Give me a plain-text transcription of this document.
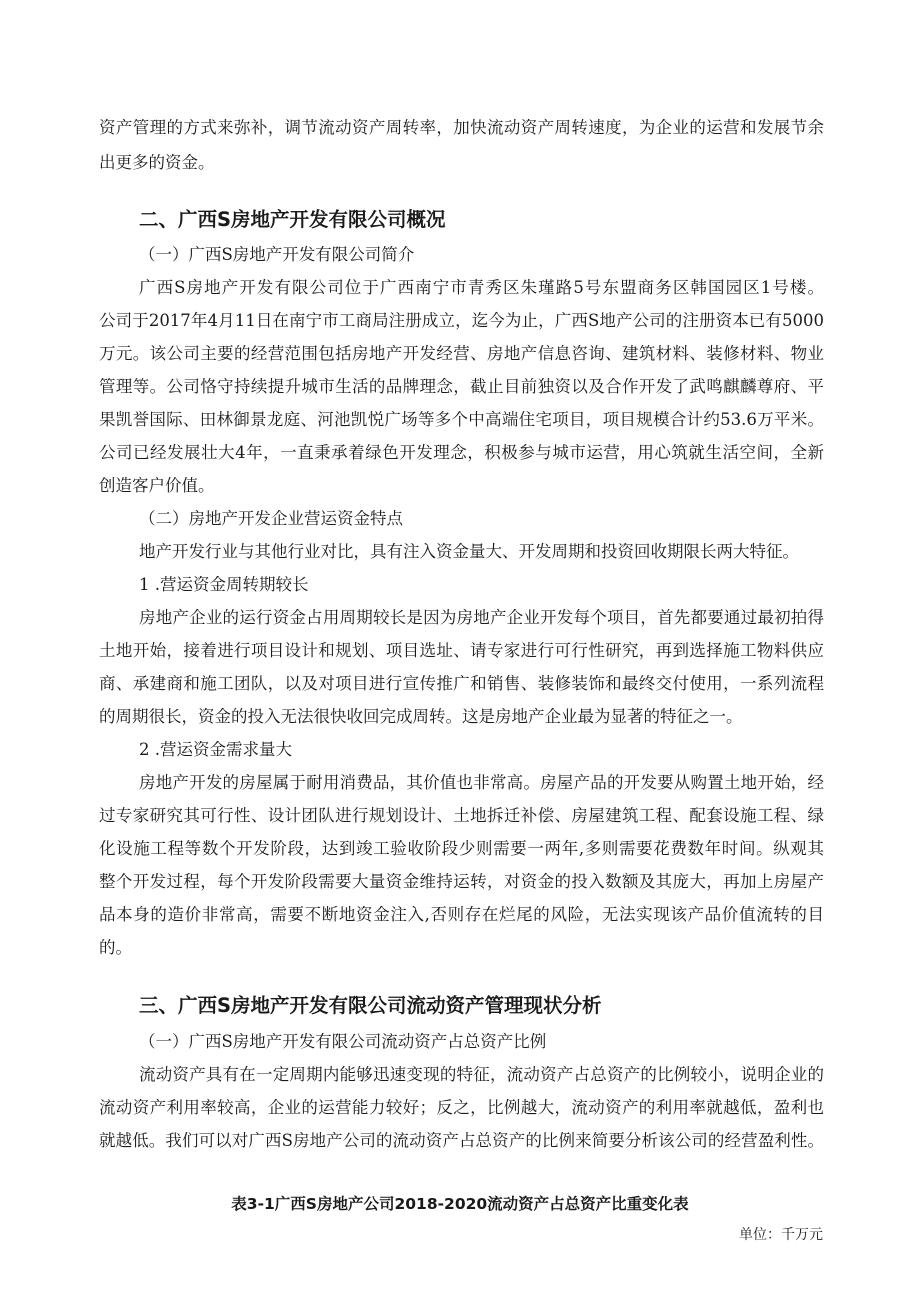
资产管理的方式来弥补，调节流动资产周转率，加快流动资产周转速度，为企业的运营和发展节余
出更多的资金。
二、广西S房地产开发有限公司概况
（一）广西S房地产开发有限公司简介
广西S房地产开发有限公司位于广西南宁市青秀区朱瑾路5号东盟商务区韩国园区1号楼。
公司于2017年4月11日在南宁市工商局注册成立，迄今为止，广西S地产公司的注册资本已有5000
万元。该公司主要的经营范围包括房地产开发经营、房地产信息咨询、建筑材料、装修材料、物业
管理等。公司恪守持续提升城市生活的品牌理念，截止目前独资以及合作开发了武鸣麒麟尊府、平
果凯誉国际、田林御景龙庭、河池凯悦广场等多个中高端住宅项目，项目规模合计约53.6万平米。
公司已经发展壮大4年，一直秉承着绿色开发理念，积极参与城市运营，用心筑就生活空间，全新
创造客户价值。
（二）房地产开发企业营运资金特点
地产开发行业与其他行业对比，具有注入资金量大、开发周期和投资回收期限长两大特征。
1 .营运资金周转期较长
房地产企业的运行资金占用周期较长是因为房地产企业开发每个项目，首先都要通过最初拍得
土地开始，接着进行项目设计和规划、项目选址、请专家进行可行性研究，再到选择施工物料供应
商、承建商和施工团队，以及对项目进行宣传推广和销售、装修装饰和最终交付使用，一系列流程
的周期很长，资金的投入无法很快收回完成周转。这是房地产企业最为显著的特征之一。
2 .营运资金需求量大
房地产开发的房屋属于耐用消费品，其价值也非常高。房屋产品的开发要从购置土地开始，经
过专家研究其可行性、设计团队进行规划设计、土地拆迁补偿、房屋建筑工程、配套设施工程、绿
化设施工程等数个开发阶段，达到竣工验收阶段少则需要一两年,多则需要花费数年时间。纵观其
整个开发过程，每个开发阶段需要大量资金维持运转，对资金的投入数额及其庞大，再加上房屋产
品本身的造价非常高，需要不断地资金注入,否则存在烂尾的风险，无法实现该产品价值流转的目
的。
三、广西S房地产开发有限公司流动资产管理现状分析
（一）广西S房地产开发有限公司流动资产占总资产比例
流动资产具有在一定周期内能够迅速变现的特征，流动资产占总资产的比例较小，说明企业的
流动资产利用率较高，企业的运营能力较好；反之，比例越大，流动资产的利用率就越低，盈利也
就越低。我们可以对广西S房地产公司的流动资产占总资产的比例来简要分析该公司的经营盈利性。
表3-1广西S房地产公司2018-2020流动资产占总资产比重变化表
单位：千万元
